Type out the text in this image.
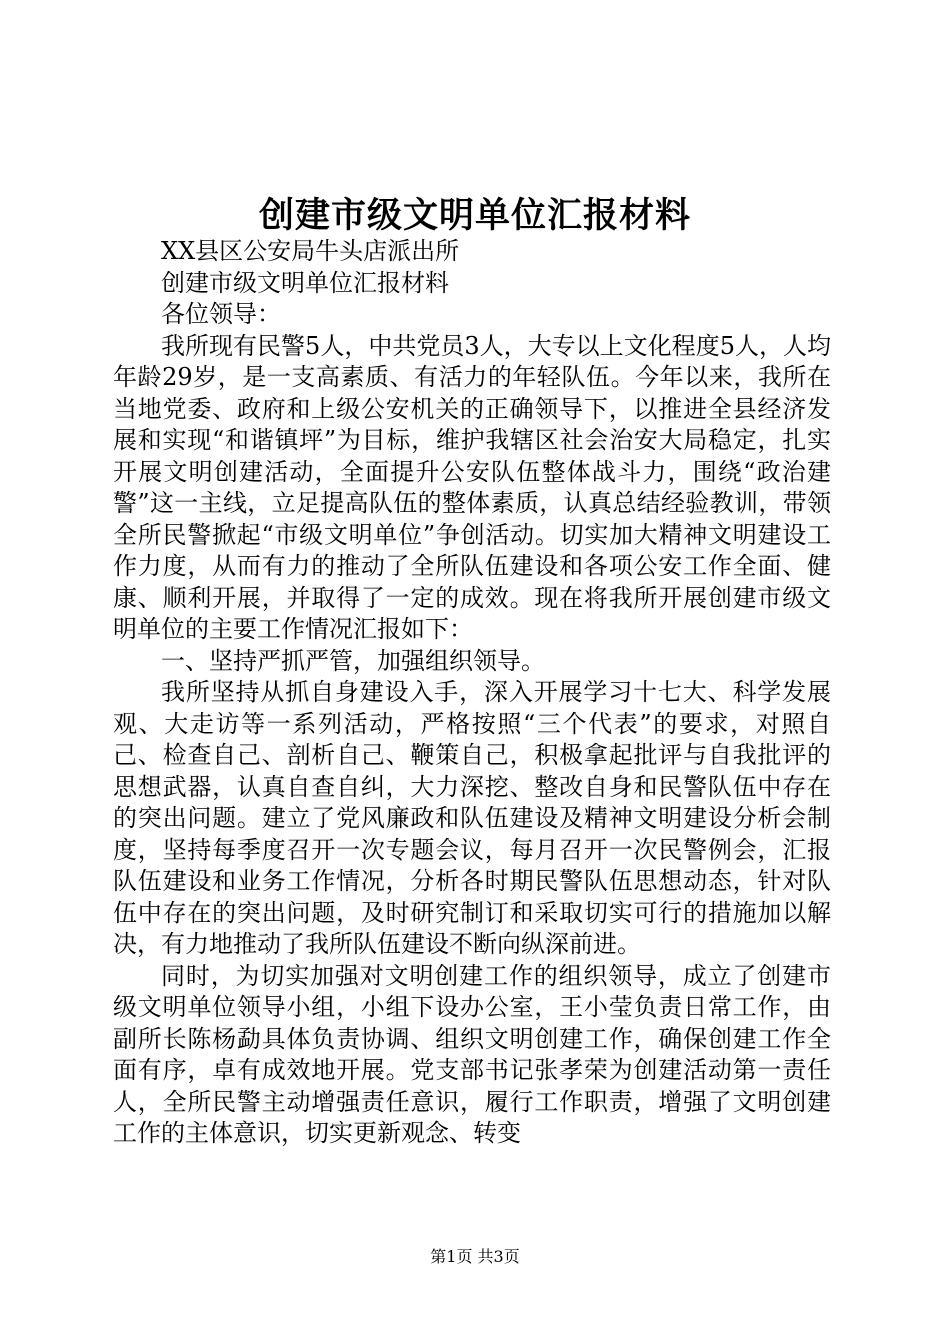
创建市级文明单位汇报材料

XX县区公安局牛头店派出所

创建市级文明单位汇报材料

各位领导：

我所现有民警5人，中共党员3人，大专以上文化程度5人，人均年龄29岁，是一支高素质、有活力的年轻队伍。今年以来，我所在当地党委、政府和上级公安机关的正确领导下，以推进全县经济发展和实现“和谐镇坪”为目标，维护我辖区社会治安大局稳定，扎实开展文明创建活动，全面提升公安队伍整体战斗力，围绕“政治建警”这一主线，立足提高队伍的整体素质，认真总结经验教训，带领全所民警掀起“市级文明单位”争创活动。切实加大精神文明建设工作力度，从而有力的推动了全所队伍建设和各项公安工作全面、健康、顺利开展，并取得了一定的成效。现在将我所开展创建市级文明单位的主要工作情况汇报如下：

一、坚持严抓严管，加强组织领导。

我所坚持从抓自身建设入手，深入开展学习十七大、科学发展观、大走访等一系列活动，严格按照“三个代表”的要求，对照自己、检查自己、剖析自己、鞭策自己，积极拿起批评与自我批评的思想武器，认真自查自纠，大力深挖、整改自身和民警队伍中存在的突出问题。建立了党风廉政和队伍建设及精神文明建设分析会制度，坚持每季度召开一次专题会议，每月召开一次民警例会，汇报队伍建设和业务工作情况，分析各时期民警队伍思想动态，针对队伍中存在的突出问题，及时研究制订和采取切实可行的措施加以解决，有力地推动了我所队伍建设不断向纵深前进。

同时，为切实加强对文明创建工作的组织领导，成立了创建市级文明单位领导小组，小组下设办公室，王小莹负责日常工作，由副所长陈杨勐具体负责协调、组织文明创建工作，确保创建工作全面有序，卓有成效地开展。党支部书记张孝荣为创建活动第一责任人，全所民警主动增强责任意识，履行工作职责，增强了文明创建工作的主体意识，切实更新观念、转变

第1页 共3页
